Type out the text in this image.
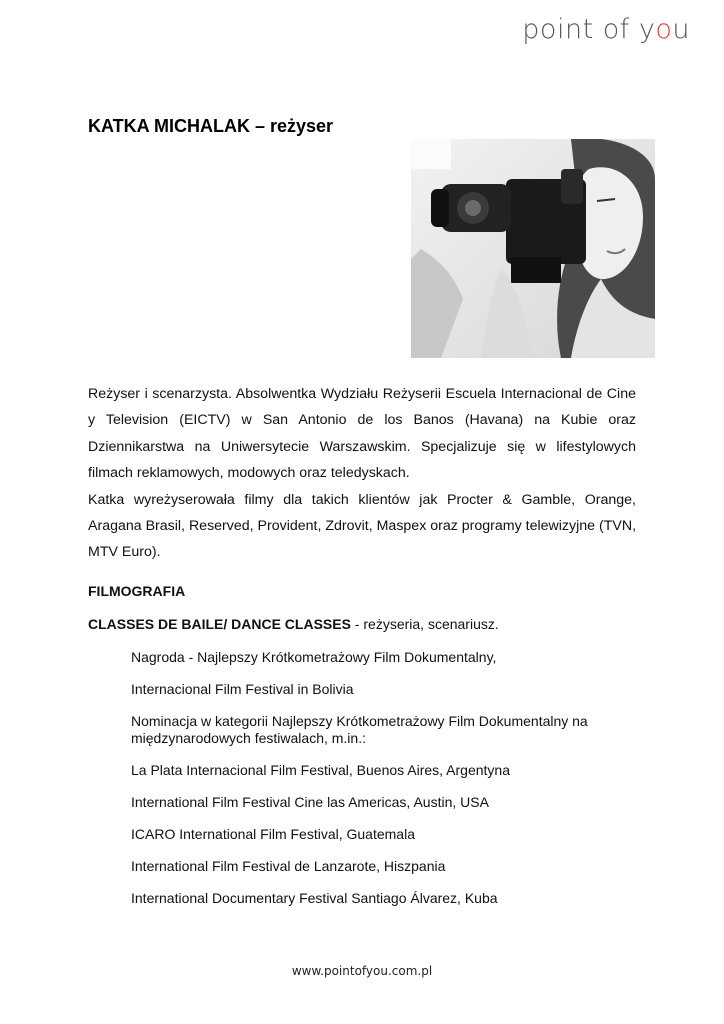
point of you
KATKA MICHALAK – reżyser

Reżyser i scenarzysta. Absolwentka Wydziału Reżyserii Escuela Internacional de Cine y Television (EICTV) w San Antonio de los Banos (Havana) na Kubie oraz Dziennikarstwa na Uniwersytecie Warszawskim. Specjalizuje się w lifestylowych filmach reklamowych, modowych oraz teledyskach.

Katka wyreżyserowała filmy dla takich klientów jak Procter & Gamble, Orange, Aragana Brasil, Reserved, Provident, Zdrovit, Maspex oraz programy telewizyjne (TVN, MTV Euro).

FILMOGRAFIA

CLASSES DE BAILE/ DANCE CLASSES - reżyseria, scenariusz.

Nagroda - Najlepszy Krótkometrażowy Film Dokumentalny,
Internacional Film Festival in Bolivia
Nominacja w kategorii Najlepszy Krótkometrażowy Film Dokumentalny na międzynarodowych festiwalach, m.in.:
La Plata Internacional Film Festival, Buenos Aires, Argentyna
International Film Festival Cine las Americas, Austin, USA
ICARO International Film Festival, Guatemala
International Film Festival de Lanzarote, Hiszpania
International Documentary Festival Santiago Álvarez, Kuba
www.pointofyou.com.pl
